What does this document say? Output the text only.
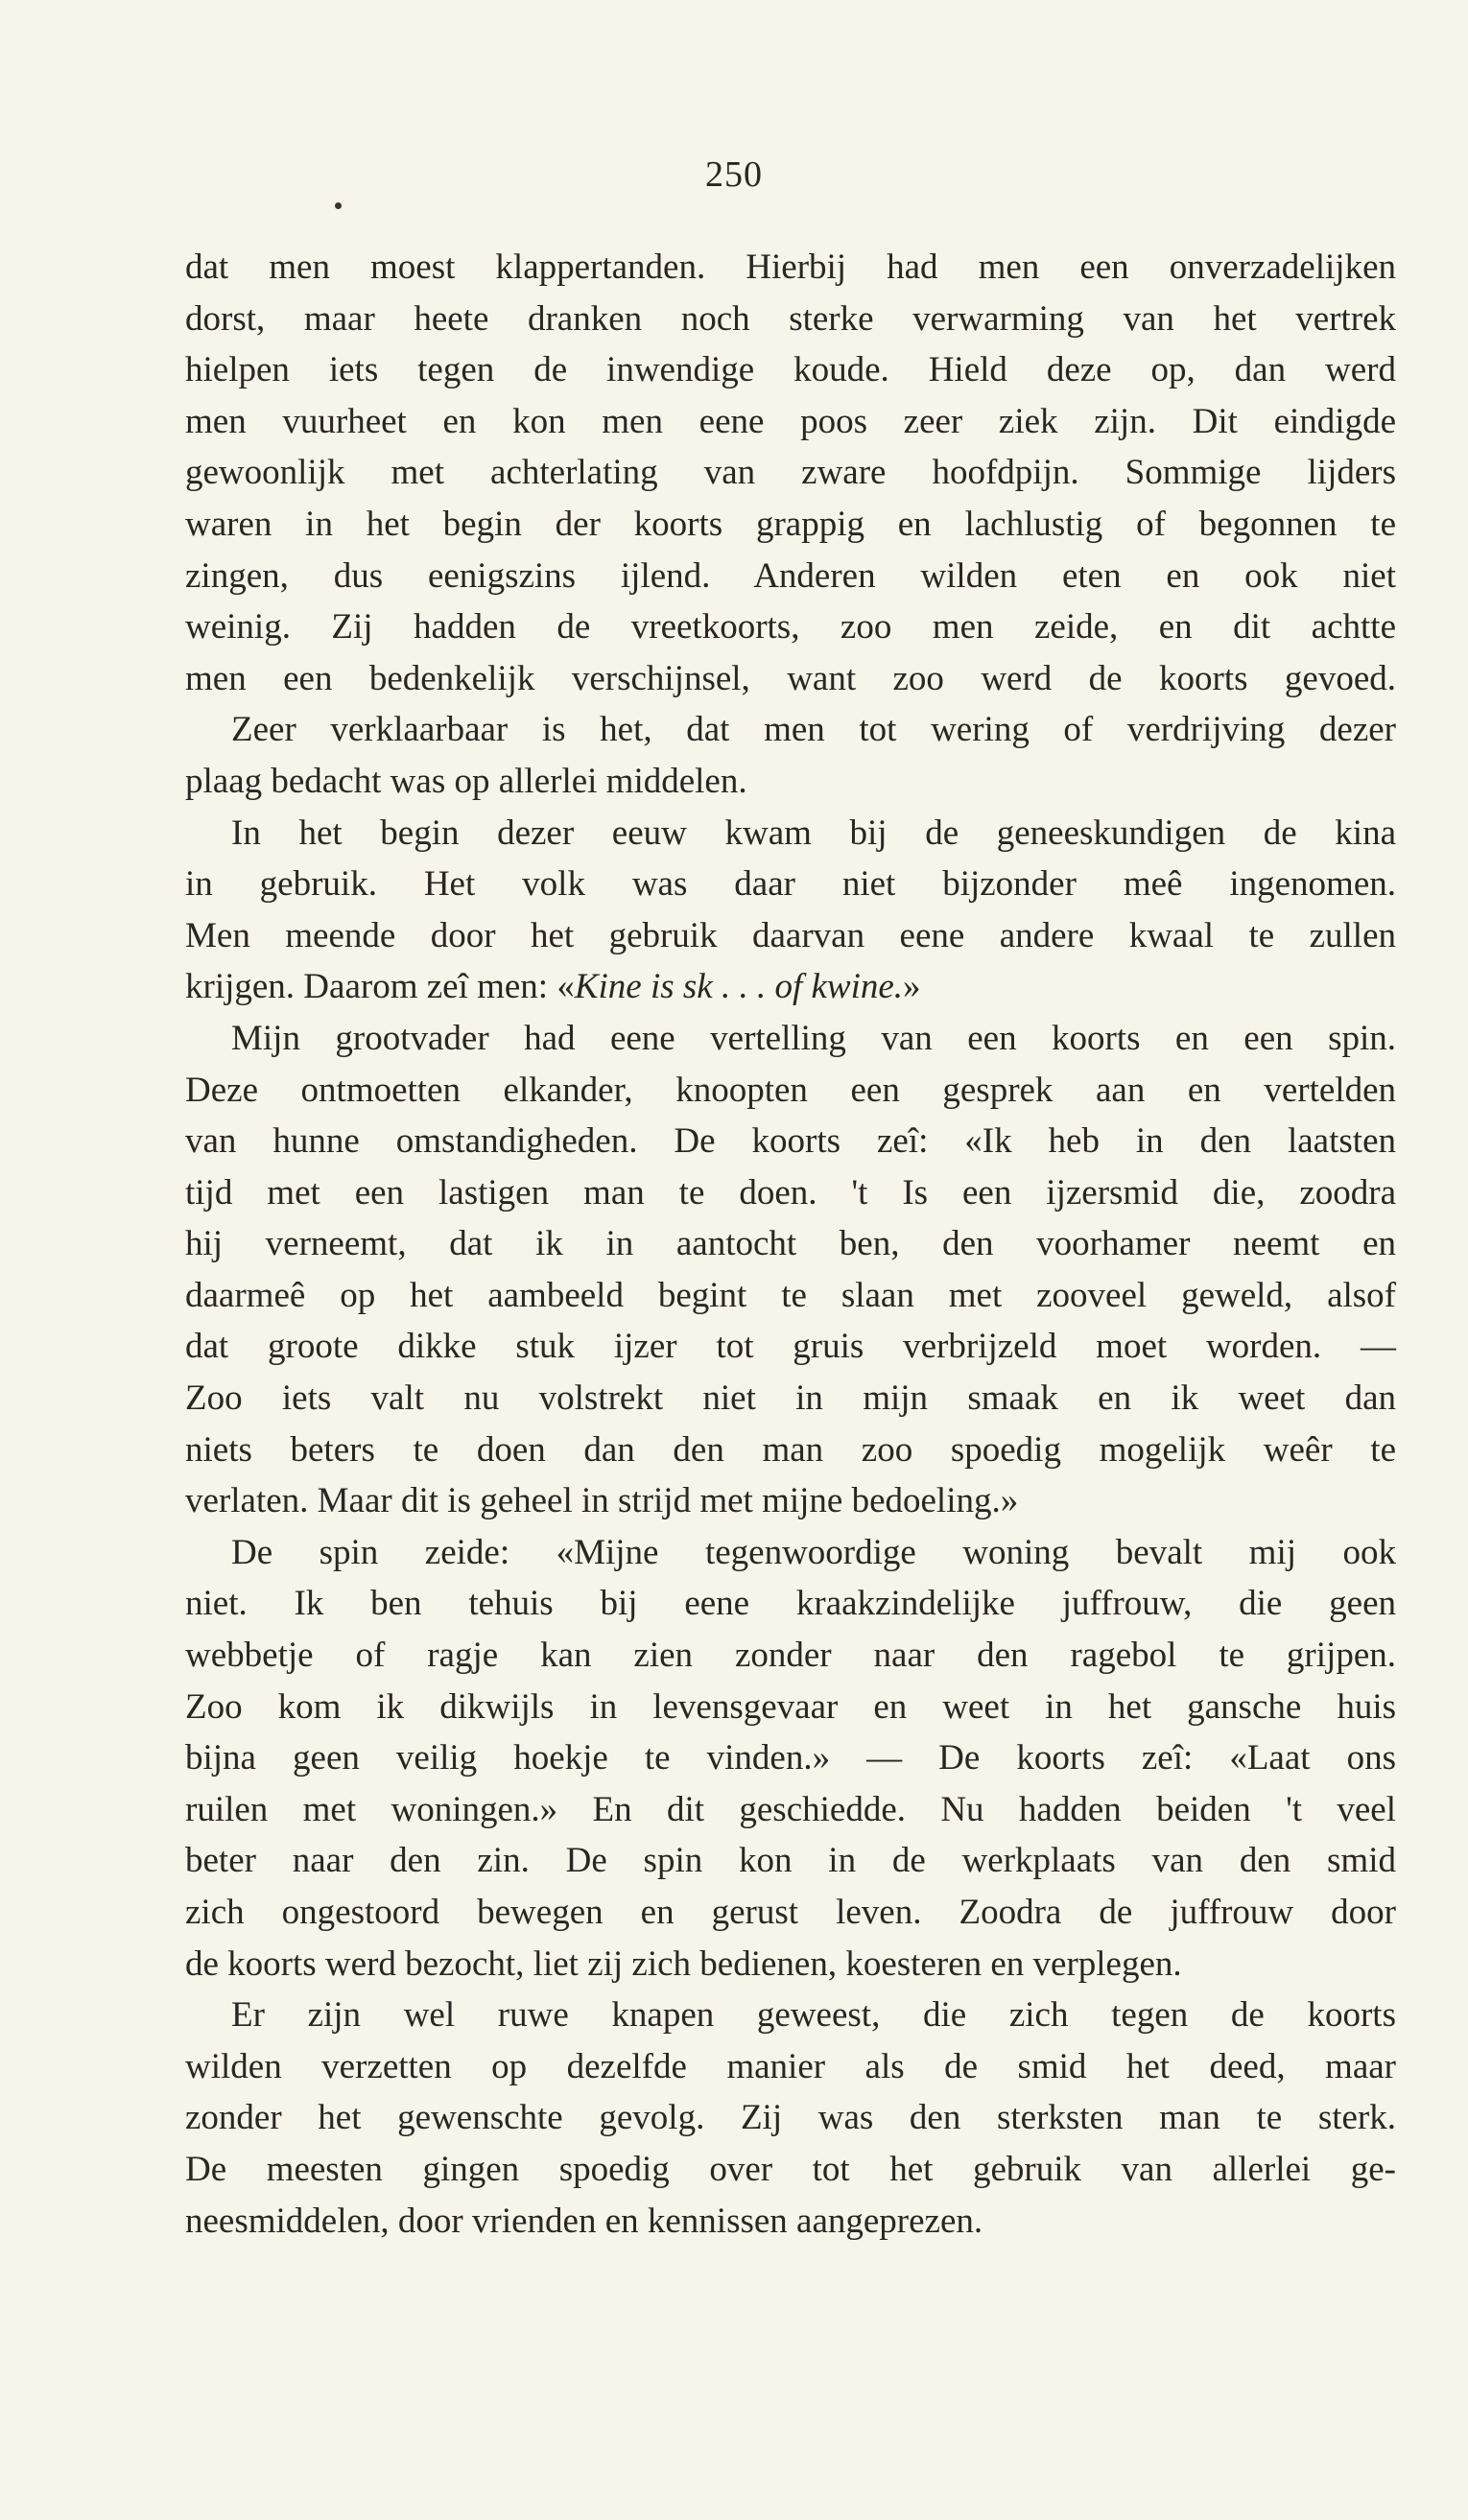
250
dat men moest klappertanden. Hierbij had men een onverzadelijken
dorst, maar heete dranken noch sterke verwarming van het vertrek
hielpen iets tegen de inwendige koude. Hield deze op, dan werd
men vuurheet en kon men eene poos zeer ziek zijn. Dit eindigde
gewoonlijk met achterlating van zware hoofdpijn. Sommige lijders
waren in het begin der koorts grappig en lachlustig of begonnen te
zingen, dus eenigszins ijlend. Anderen wilden eten en ook niet
weinig. Zij hadden de vreetkoorts, zoo men zeide, en dit achtte
men een bedenkelijk verschijnsel, want zoo werd de koorts gevoed.
Zeer verklaarbaar is het, dat men tot wering of verdrijving dezer
plaag bedacht was op allerlei middelen.
In het begin dezer eeuw kwam bij de geneeskundigen de kina
in gebruik. Het volk was daar niet bijzonder meê ingenomen.
Men meende door het gebruik daarvan eene andere kwaal te zullen
krijgen. Daarom zeî men: «Kine is sk . . . of kwine.»
Mijn grootvader had eene vertelling van een koorts en een spin.
Deze ontmoetten elkander, knoopten een gesprek aan en vertelden
van hunne omstandigheden. De koorts zeî: «Ik heb in den laatsten
tijd met een lastigen man te doen. 't Is een ijzersmid die, zoodra
hij verneemt, dat ik in aantocht ben, den voorhamer neemt en
daarmeê op het aambeeld begint te slaan met zooveel geweld, alsof
dat groote dikke stuk ijzer tot gruis verbrijzeld moet worden. —
Zoo iets valt nu volstrekt niet in mijn smaak en ik weet dan
niets beters te doen dan den man zoo spoedig mogelijk weêr te
verlaten. Maar dit is geheel in strijd met mijne bedoeling.»
De spin zeide: «Mijne tegenwoordige woning bevalt mij ook
niet. Ik ben tehuis bij eene kraakzindelijke juffrouw, die geen
webbetje of ragje kan zien zonder naar den ragebol te grijpen.
Zoo kom ik dikwijls in levensgevaar en weet in het gansche huis
bijna geen veilig hoekje te vinden.» — De koorts zeî: «Laat ons
ruilen met woningen.» En dit geschiedde. Nu hadden beiden 't veel
beter naar den zin. De spin kon in de werkplaats van den smid
zich ongestoord bewegen en gerust leven. Zoodra de juffrouw door
de koorts werd bezocht, liet zij zich bedienen, koesteren en verplegen.
Er zijn wel ruwe knapen geweest, die zich tegen de koorts
wilden verzetten op dezelfde manier als de smid het deed, maar
zonder het gewenschte gevolg. Zij was den sterksten man te sterk.
De meesten gingen spoedig over tot het gebruik van allerlei ge-
neesmiddelen, door vrienden en kennissen aangeprezen.
